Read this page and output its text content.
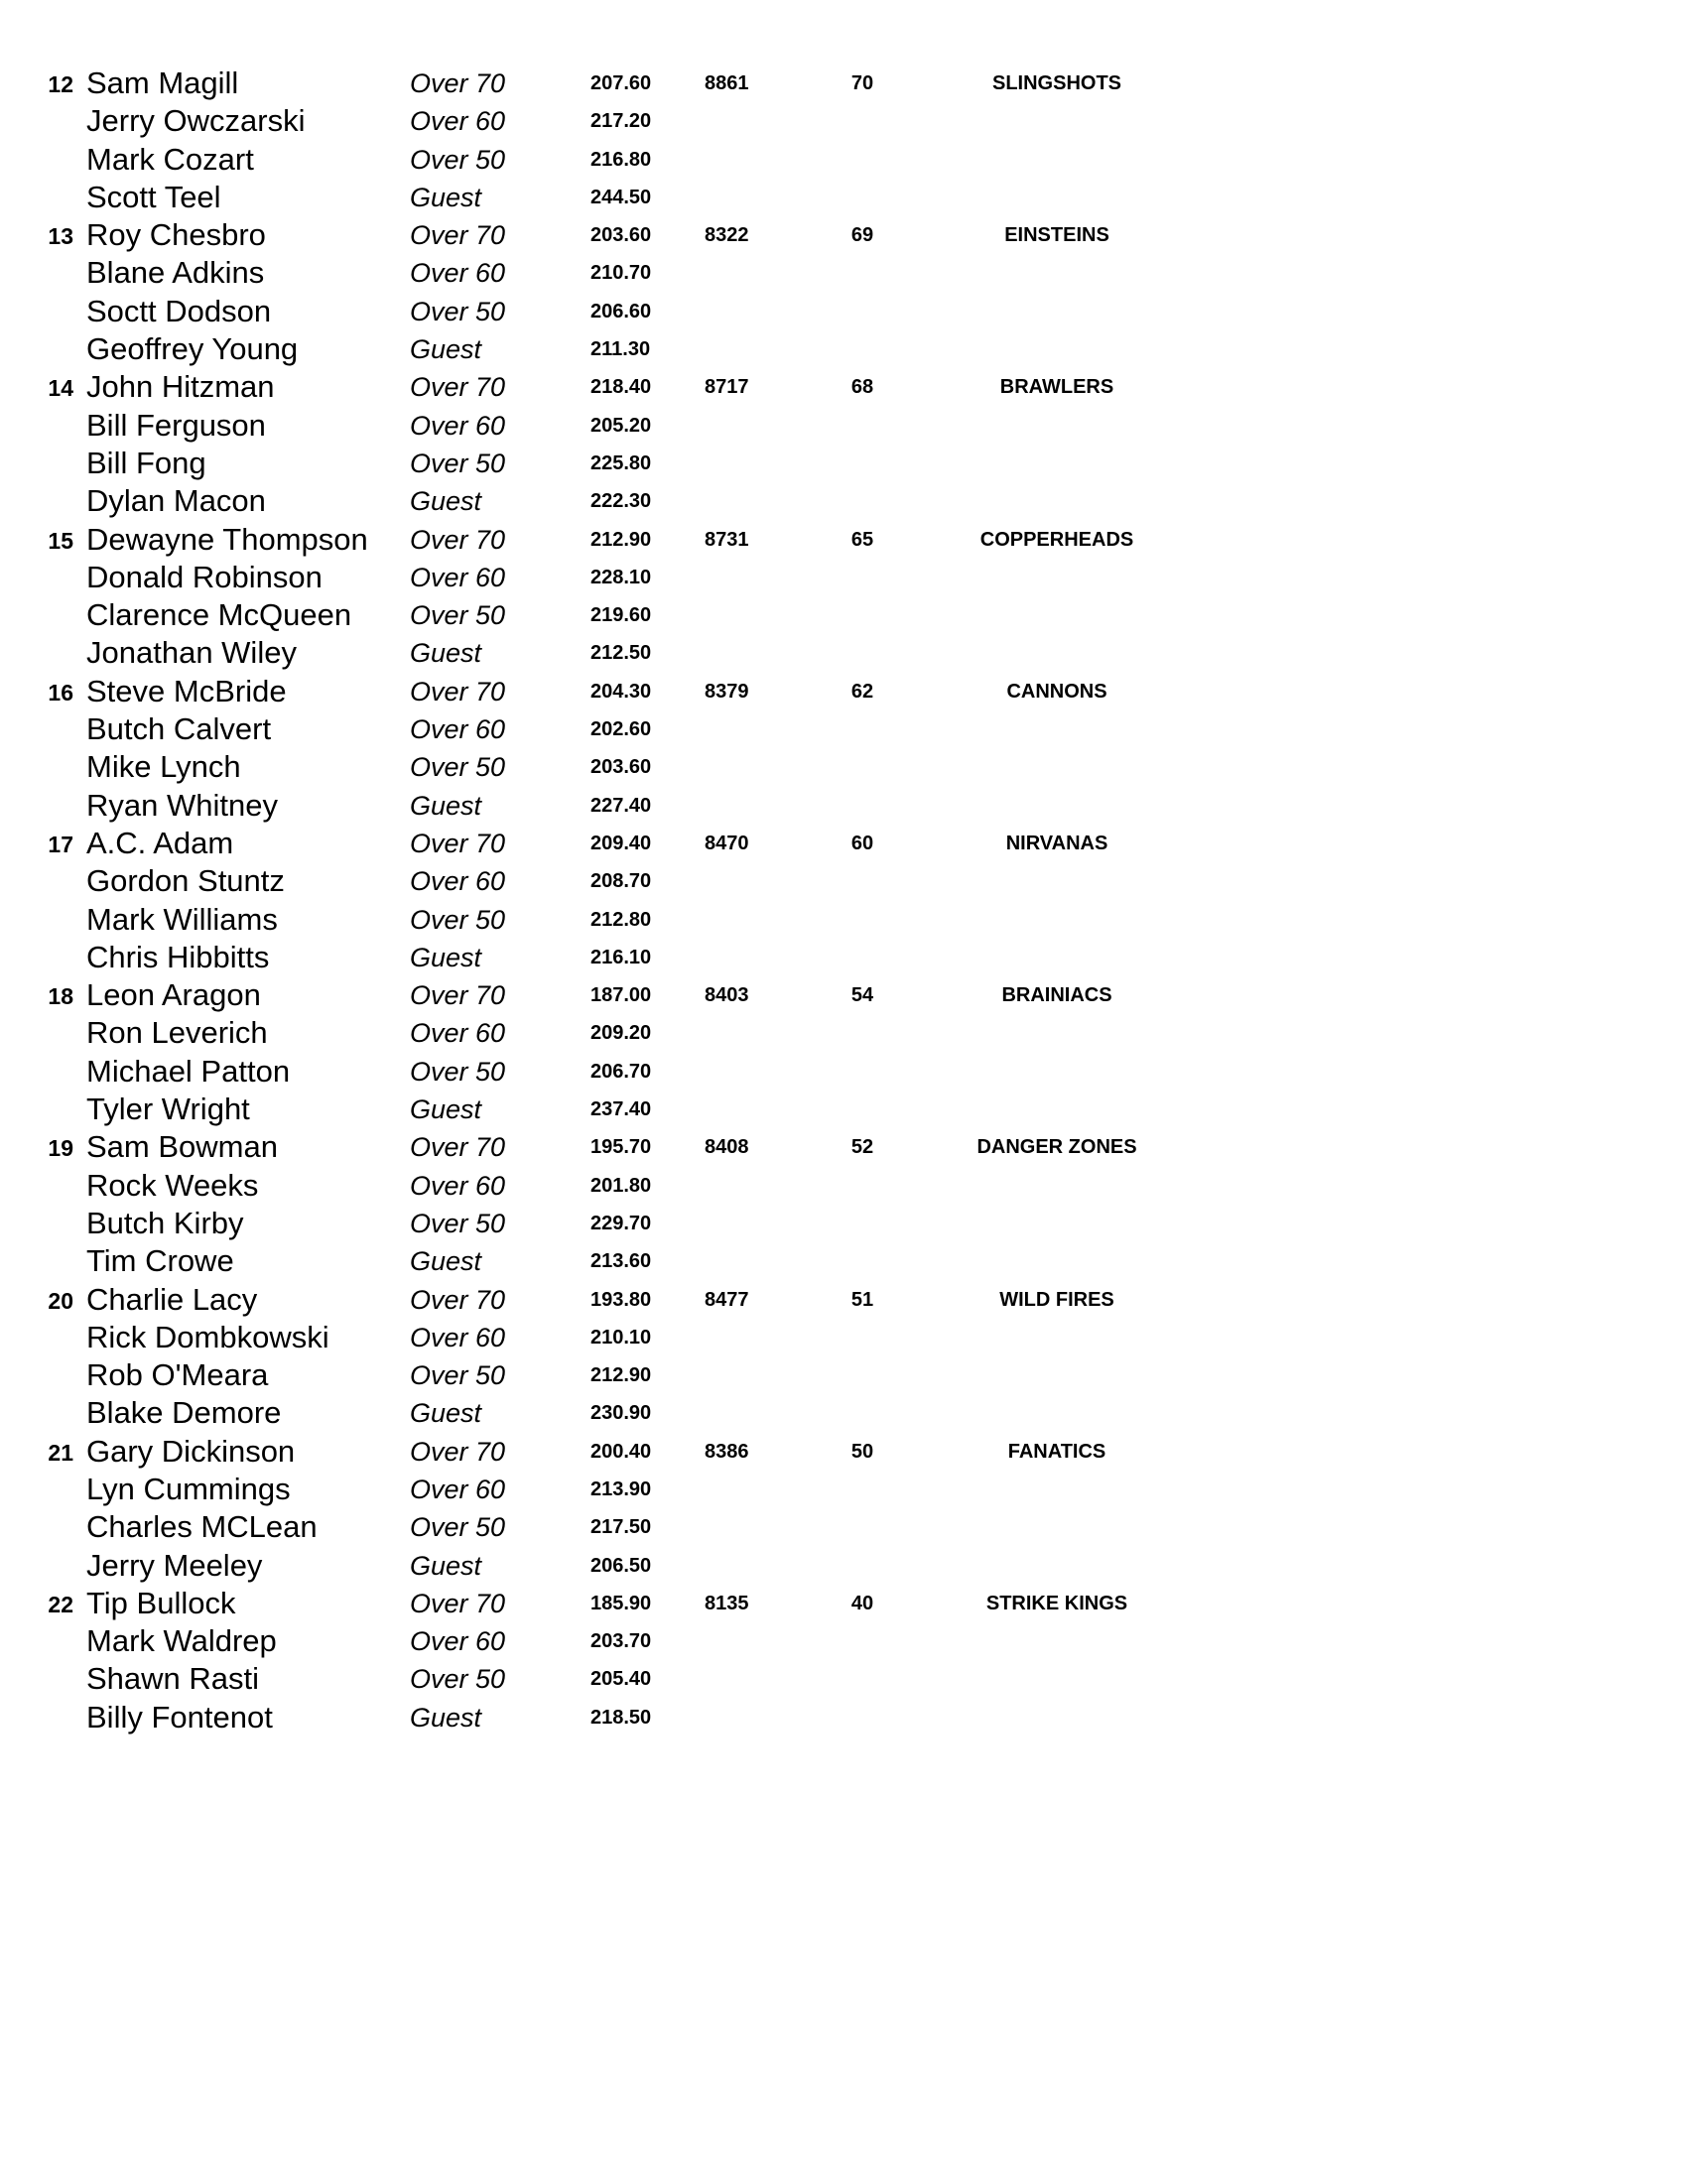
12 Sam Magill	Over 70	207.60	8861	70	SLINGSHOTS
Jerry Owczarski	Over 60	217.20
Mark Cozart	Over 50	216.80
Scott Teel	Guest	244.50
13 Roy Chesbro	Over 70	203.60	8322	69	EINSTEINS
Blane Adkins	Over 60	210.70
Soctt Dodson	Over 50	206.60
Geoffrey Young	Guest	211.30
14 John Hitzman	Over 70	218.40	8717	68	BRAWLERS
Bill Ferguson	Over 60	205.20
Bill Fong	Over 50	225.80
Dylan Macon	Guest	222.30
15 Dewayne Thompson Over 70	212.90	8731	65	COPPERHEADS
Donald Robinson	Over 60	228.10
Clarence McQueen Over 50	219.60
Jonathan Wiley	Guest	212.50
16 Steve McBride	Over 70	204.30	8379	62	CANNONS
Butch Calvert	Over 60	202.60
Mike Lynch	Over 50	203.60
Ryan Whitney	Guest	227.40
17 A.C. Adam	Over 70	209.40	8470	60	NIRVANAS
Gordon Stuntz	Over 60	208.70
Mark Williams	Over 50	212.80
Chris Hibbitts	Guest	216.10
18 Leon Aragon	Over 70	187.00	8403	54	BRAINIACS
Ron Leverich	Over 60	209.20
Michael Patton	Over 50	206.70
Tyler Wright	Guest	237.40
19 Sam Bowman	Over 70	195.70	8408	52	DANGER ZONES
Rock Weeks	Over 60	201.80
Butch Kirby	Over 50	229.70
Tim Crowe	Guest	213.60
20 Charlie Lacy	Over 70	193.80	8477	51	WILD FIRES
Rick Dombkowski	Over 60	210.10
Rob O'Meara	Over 50	212.90
Blake Demore	Guest	230.90
21 Gary Dickinson	Over 70	200.40	8386	50	FANATICS
Lyn Cummings	Over 60	213.90
Charles MCLean	Over 50	217.50
Jerry Meeley	Guest	206.50
22 Tip Bullock	Over 70	185.90	8135	40	STRIKE KINGS
Mark Waldrep	Over 60	203.70
Shawn Rasti	Over 50	205.40
Billy Fontenot	Guest	218.50
